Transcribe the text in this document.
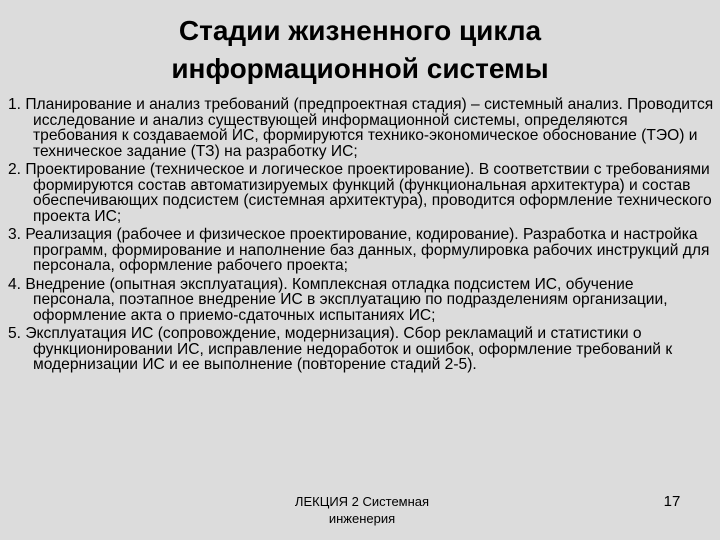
Стадии жизненного цикла
информационной системы
1. Планирование и анализ требований (предпроектная стадия) – системный анализ. Проводится исследование и анализ существующей информационной системы, определяются требования к создаваемой ИС, формируются технико-экономическое обоснование (ТЭО) и техническое задание (ТЗ) на разработку ИС;
2. Проектирование (техническое и логическое проектирование). В соответствии с требованиями формируются состав автоматизируемых функций (функциональная архитектура) и состав обеспечивающих подсистем (системная архитектура), проводится оформление технического проекта ИС;
3. Реализация (рабочее и физическое проектирование, кодирование). Разработка и настройка программ, формирование и наполнение баз данных, формулировка рабочих инструкций для персонала, оформление рабочего проекта;
4. Внедрение (опытная эксплуатация). Комплексная отладка подсистем ИС, обучение персонала, поэтапное внедрение ИС в эксплуатацию по подразделениям организации, оформление акта о приемо-сдаточных испытаниях ИС;
5. Эксплуатация ИС (сопровождение, модернизация). Сбор рекламаций и статистики о функционировании ИС, исправление недоработок и ошибок, оформление требований к модернизации ИС и ее выполнение (повторение стадий 2-5).
ЛЕКЦИЯ 2 Системная
инженерия
17
